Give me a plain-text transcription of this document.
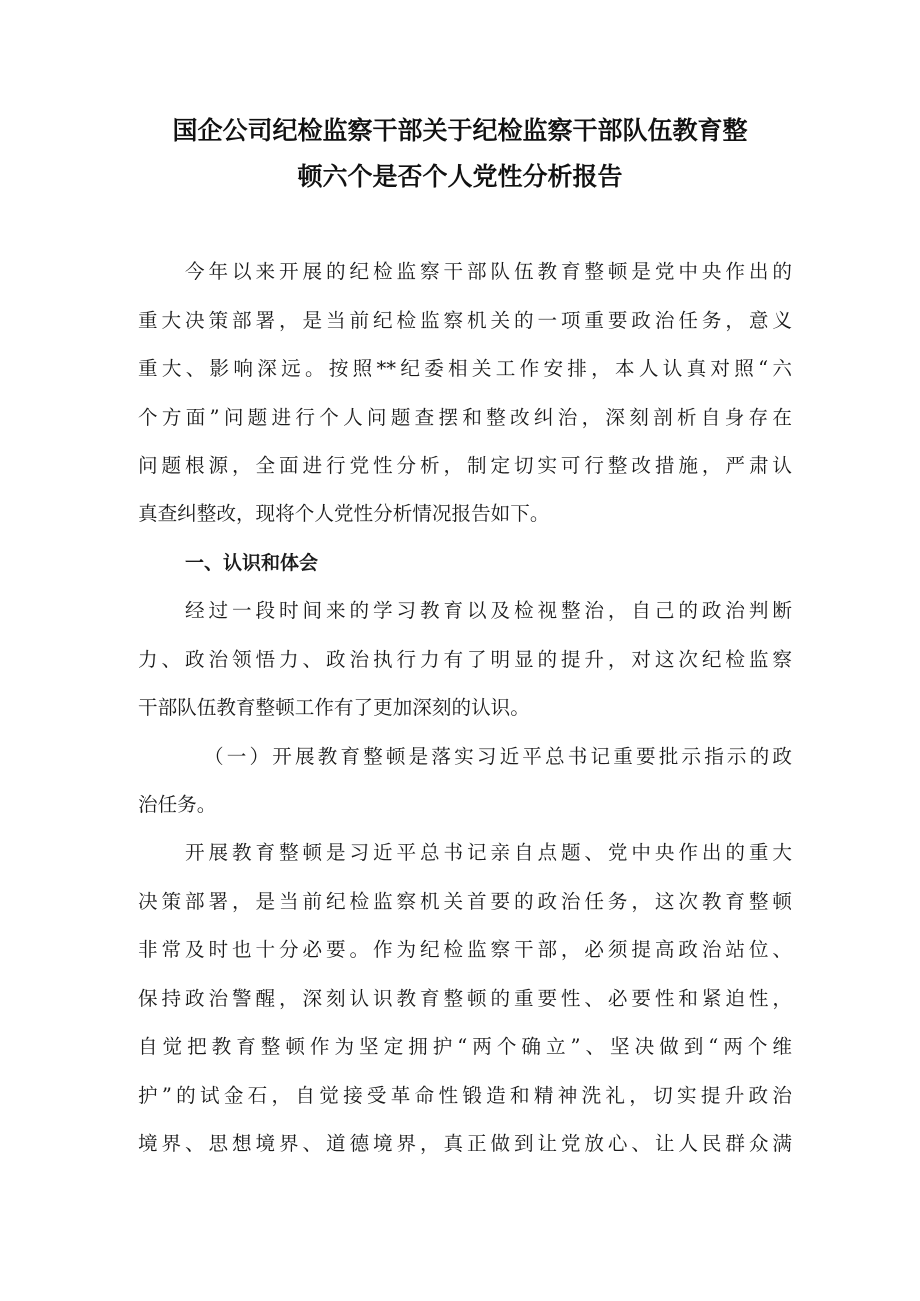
国企公司纪检监察干部关于纪检监察干部队伍教育整
顿六个是否个人党性分析报告

今年以来开展的纪检监察干部队伍教育整顿是党中央作出的

重大决策部署，是当前纪检监察机关的一项重要政治任务，意义

重大、影响深远。按照**纪委相关工作安排，本人认真对照“六

个方面”问题进行个人问题查摆和整改纠治，深刻剖析自身存在

问题根源，全面进行党性分析，制定切实可行整改措施，严肃认

真查纠整改，现将个人党性分析情况报告如下。

一、认识和体会

经过一段时间来的学习教育以及检视整治，自己的政治判断

力、政治领悟力、政治执行力有了明显的提升，对这次纪检监察

干部队伍教育整顿工作有了更加深刻的认识。

（一）开展教育整顿是落实习近平总书记重要批示指示的政

治任务。

开展教育整顿是习近平总书记亲自点题、党中央作出的重大

决策部署，是当前纪检监察机关首要的政治任务，这次教育整顿

非常及时也十分必要。作为纪检监察干部，必须提高政治站位、

保持政治警醒，深刻认识教育整顿的重要性、必要性和紧迫性，

自觉把教育整顿作为坚定拥护“两个确立”、坚决做到“两个维

护”的试金石，自觉接受革命性锻造和精神洗礼，切实提升政治

境界、思想境界、道德境界，真正做到让党放心、让人民群众满
